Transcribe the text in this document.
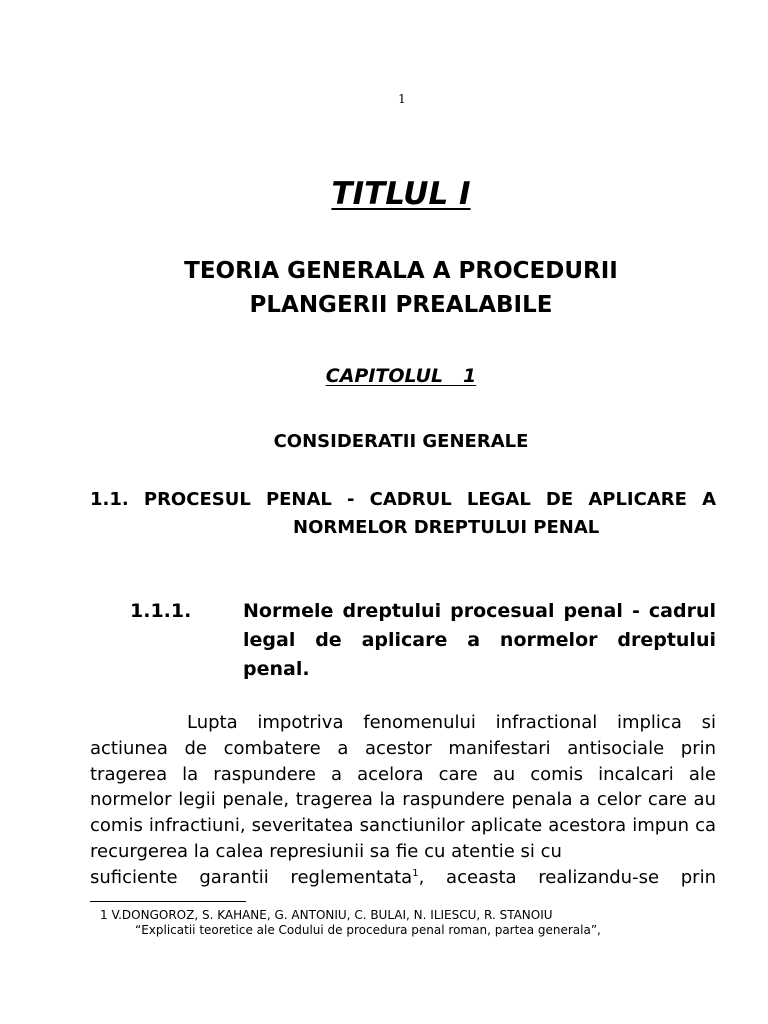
1
TITLUL I
TEORIA GENERALA A PROCEDURII
PLANGERII PREALABILE
CAPITOLUL   1
CONSIDERATII GENERALE
1.1. PROCESUL PENAL - CADRUL LEGAL DE APLICARE A
NORMELOR DREPTULUI PENAL
1.1.1.	Normele dreptului procesual penal - cadrul legal de aplicare a normelor dreptului penal.

Lupta impotriva fenomenului infractional implica si actiunea de combatere a acestor manifestari antisociale prin tragerea la raspundere a acelora care au comis incalcari ale normelor legii penale, tragerea la raspundere penala a celor care au comis infractiuni, severitatea sanctiunilor aplicate acestora impun ca recurgerea la calea represiunii sa fie cu atentie si cu
suficiente garantii reglementata$^1$, aceasta realizandu-se prin

1 V.DONGOROZ, S. KAHANE, G. ANTONIU, C. BULAI, N. ILIESCU, R. STANOIU
“Explicatii teoretice ale Codului de procedura penal roman, partea generala”,
